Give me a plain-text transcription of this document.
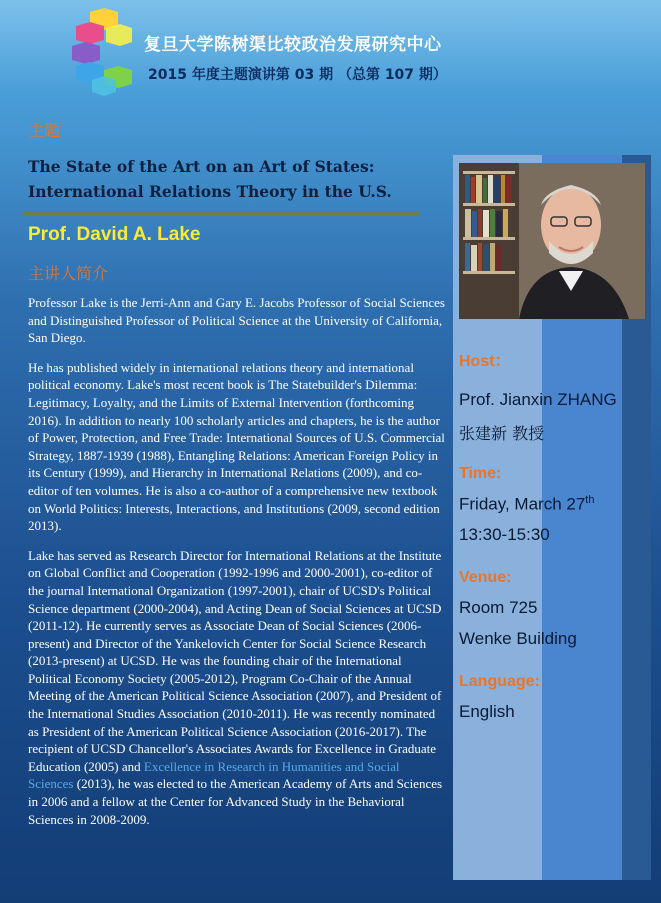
复旦大学陈树渠比较政治发展研究中心
2015 年度主题演讲第 03 期 （总第 107 期）
主题
The State of the Art on an Art of States:
International Relations Theory in the U.S.
Prof. David A. Lake
主讲人简介

Professor Lake is the Jerri-Ann and Gary E. Jacobs Professor of Social Sciences and Distinguished Professor of Political Science at the University of California, San Diego.

He has published widely in international relations theory and international political economy. Lake's most recent book is The Statebuilder's Dilemma: Legitimacy, Loyalty, and the Limits of External Intervention (forthcoming 2016). In addition to nearly 100 scholarly articles and chapters, he is the author of Power, Protection, and Free Trade: International Sources of U.S. Commercial Strategy, 1887-1939 (1988), Entangling Relations: American Foreign Policy in its Century (1999), and Hierarchy in International Relations (2009), and co-editor of ten volumes. He is also a co-author of a comprehensive new textbook on World Politics: Interests, Interactions, and Institutions (2009, second edition 2013).

Lake has served as Research Director for International Relations at the Institute on Global Conflict and Cooperation (1992-1996 and 2000-2001), co-editor of the journal International Organization (1997-2001), chair of UCSD's Political Science department (2000-2004), and Acting Dean of Social Sciences at UCSD (2011-12). He currently serves as Associate Dean of Social Sciences (2006-present) and Director of the Yankelovich Center for Social Science Research (2013-present) at UCSD. He was the founding chair of the International Political Economy Society (2005-2012), Program Co-Chair of the Annual Meeting of the American Political Science Association (2007), and President of the International Studies Association (2010-2011). He was recently nominated as President of the American Political Science Association (2016-2017). The recipient of UCSD Chancellor's Associates Awards for Excellence in Graduate Education (2005) and Excellence in Research in Humanities and Social Sciences (2013), he was elected to the American Academy of Arts and Sciences in 2006 and a fellow at the Center for Advanced Study in the Behavioral Sciences in 2008-2009.

Host：
Prof. Jianxin ZHANG
张建新 教授
Time:
Friday, March 27th
13:30-15:30
Venue:
Room 725
Wenke Building
Language:
English
